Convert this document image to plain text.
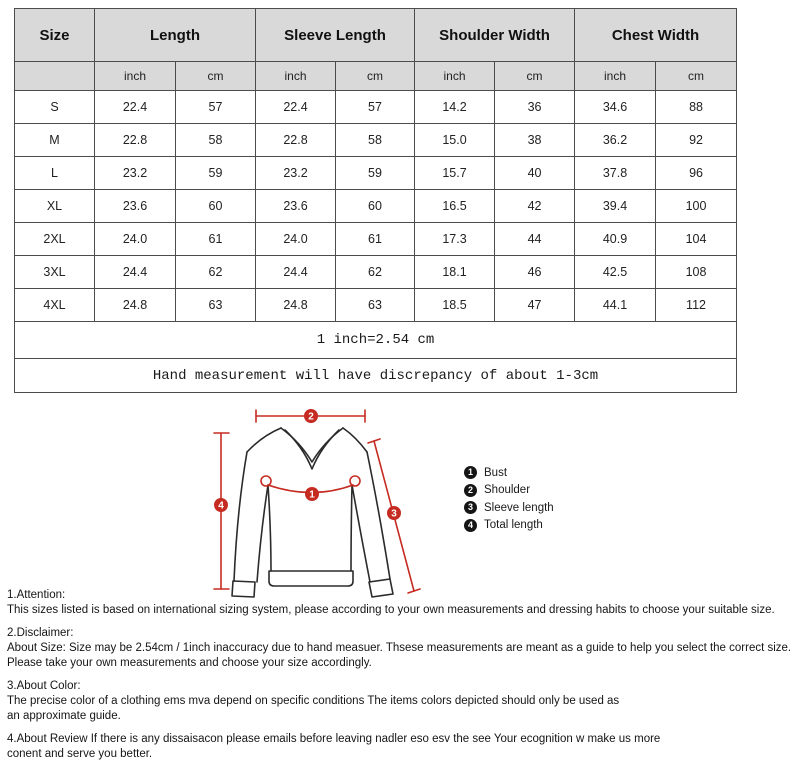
Size	Length		Sleeve Length		Shoulder Width		Chest Width	
	inch	cm	inch	cm	inch	cm	inch	cm
S	22.4	57	22.4	57	14.2	36	34.6	88
M	22.8	58	22.8	58	15.0	38	36.2	92
L	23.2	59	23.2	59	15.7	40	37.8	96
XL	23.6	60	23.6	60	16.5	42	39.4	100
2XL	24.0	61	24.0	61	17.3	44	40.9	104
3XL	24.4	62	24.4	62	18.1	46	42.5	108
4XL	24.8	63	24.8	63	18.5	47	44.1	112
1 inch=2.54 cm								
Hand measurement will have discrepancy of about 1-3cm								
1
2
3
4
1 Bust
2 Shoulder
3 Sleeve length
4 Total length
1.Attention:
This sizes listed is based on international sizing system, please according to your own measurements and dressing habits to choose your suitable size.
2.Disclaimer:
About Size: Size may be 2.54cm / 1inch inaccuracy due to hand measuer. Thsese measurements are meant as a guide to help you select the correct size.
Please take your own measurements and choose your size accordingly.
3.About Color:
The precise color of a clothing ems mva depend on specific conditions The items colors depicted should only be used as
an approximate guide.
4.About Review If there is any dissaisacon please emails before leaving nadler eso esv the see Your ecognition w make us more
conent and serve you better.
